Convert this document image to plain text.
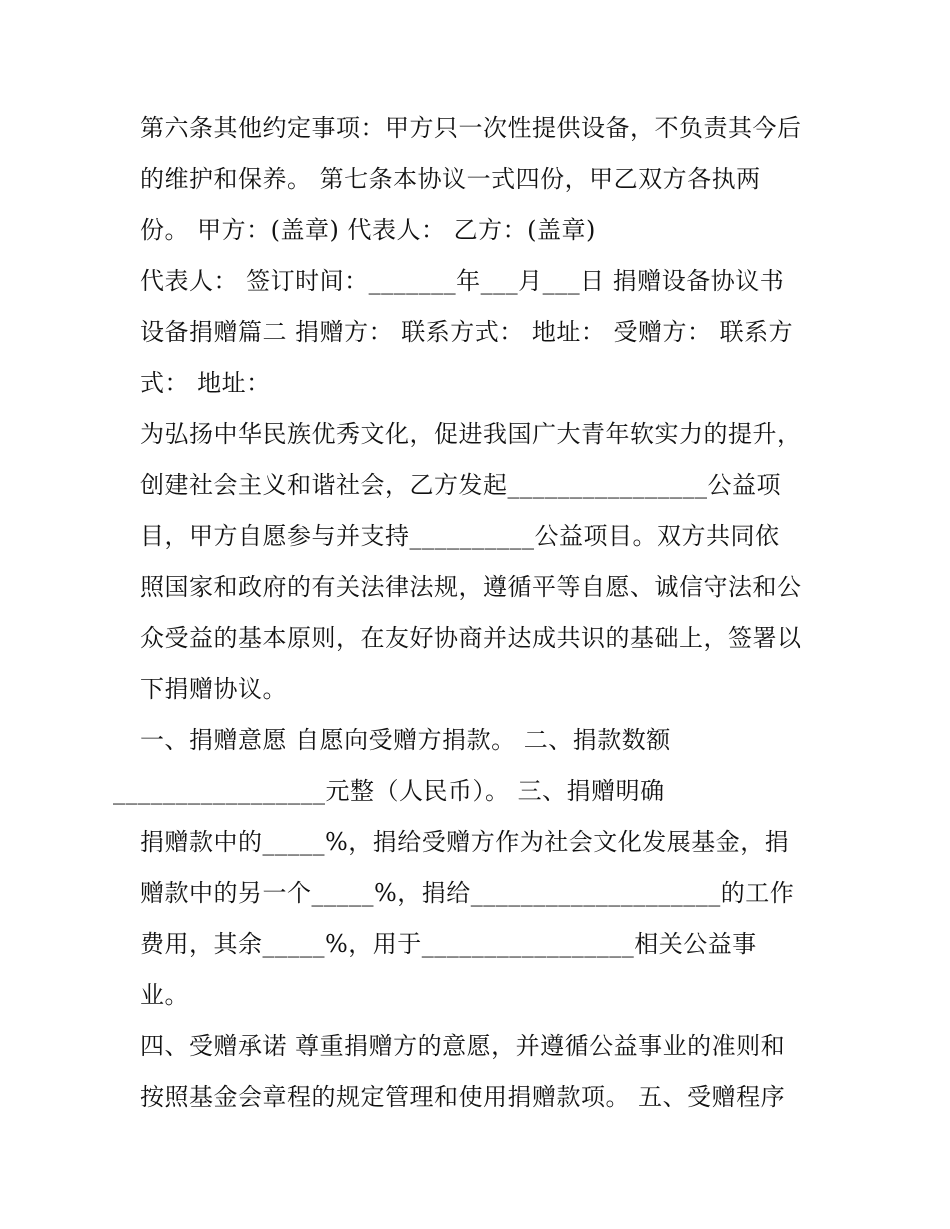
第六条其他约定事项：甲方只一次性提供设备，不负责其今后
的维护和保养。 第七条本协议一式四份，甲乙双方各执两
份。 甲方：(盖章) 代表人： 乙方：(盖章)
代表人： 签订时间：_______年___月___日 捐赠设备协议书
设备捐赠篇二 捐赠方： 联系方式： 地址： 受赠方： 联系方
式： 地址：
为弘扬中华民族优秀文化，促进我国广大青年软实力的提升，
创建社会主义和谐社会，乙方发起________________公益项
目，甲方自愿参与并支持__________公益项目。双方共同依
照国家和政府的有关法律法规，遵循平等自愿、诚信守法和公
众受益的基本原则，在友好协商并达成共识的基础上，签署以
下捐赠协议。
一、捐赠意愿 自愿向受赠方捐款。 二、捐款数额
_________________元整（人民币）。 三、捐赠明确
捐赠款中的_____%，捐给受赠方作为社会文化发展基金，捐
赠款中的另一个_____%，捐给____________________的工作
费用，其余_____%，用于_________________相关公益事
业。
四、受赠承诺 尊重捐赠方的意愿，并遵循公益事业的准则和
按照基金会章程的规定管理和使用捐赠款项。 五、受赠程序
